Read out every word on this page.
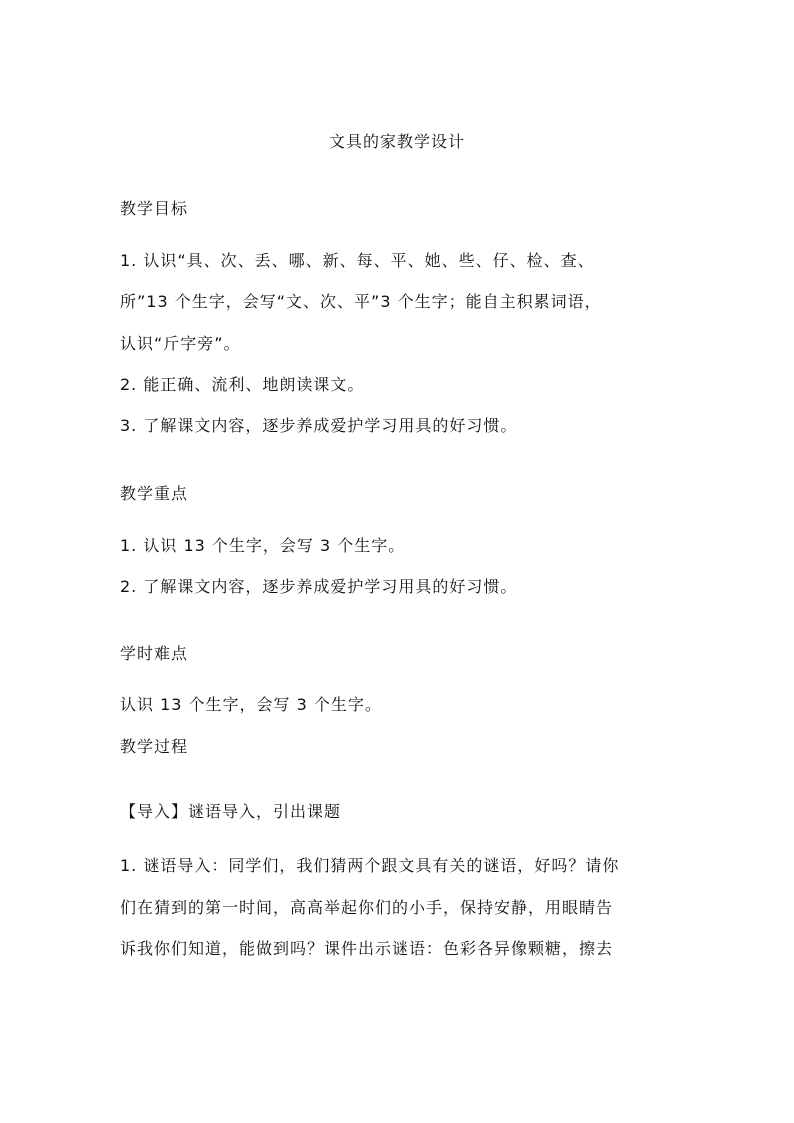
文具的家教学设计
教学目标
1. 认识“具、次、丢、哪、新、每、平、她、些、仔、检、查、
所”13 个生字，会写“文、次、平”3 个生字；能自主积累词语，
认识“斤字旁”。
2. 能正确、流利、地朗读课文。
3. 了解课文内容，逐步养成爱护学习用具的好习惯。
教学重点
1. 认识 13 个生字，会写 3 个生字。
2. 了解课文内容，逐步养成爱护学习用具的好习惯。
学时难点
认识 13 个生字，会写 3 个生字。
教学过程
【导入】谜语导入，引出课题
1. 谜语导入：同学们，我们猜两个跟文具有关的谜语，好吗？请你
们在猜到的第一时间，高高举起你们的小手，保持安静，用眼睛告
诉我你们知道，能做到吗？课件出示谜语：色彩各异像颗糖，擦去
